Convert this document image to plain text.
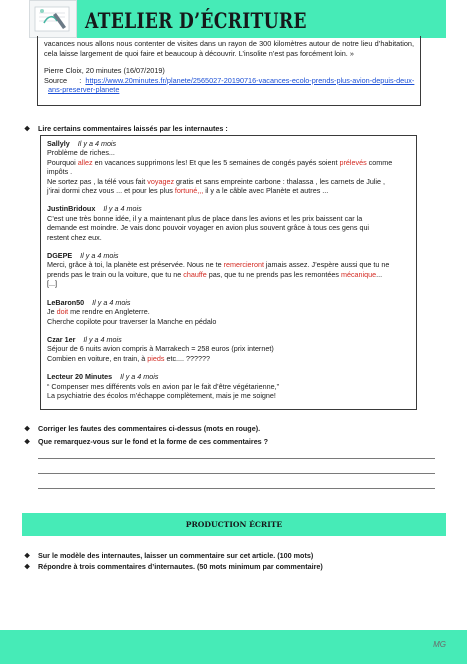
ATELIER D’ÉCRITURE

vacances nous allons nous contenter de visites dans un rayon de 300 kilomètres autour de notre lieu d’habitation, cela laisse largement de quoi faire et beaucoup à découvrir. L’insolite n’est pas forcément loin. »

Pierre Cloix, 20 minutes (16/07/2019)

Source : https://www.20minutes.fr/planete/2565027-20190716-vacances-ecolo-prends-plus-avion-depuis-deux-

ans-preserver-planete
❖ Lire certains commentaires laissés par les internautes :
Sallyly Il y a 4 mois
Problème de riches...
Pourquoi allez en vacances supprimons les! Et que les 5 semaines de congés payés soient prélevés comme
impôts .
Ne sortez pas , la télé vous fait voyagez gratis et sans empreinte carbone : thalassa , les carnets de Julie ,
j’irai dormi chez vous ... et pour les plus fortuné,,, il y a le câble avec Planète et autres ...
JustinBridoux Il y a 4 mois
C’est une très bonne idée, il y a maintenant plus de place dans les avions et les prix baissent car la
demande est moindre. Je vais donc pouvoir voyager en avion plus souvent grâce à tous ces gens qui
restent chez eux.
DGEPE Il y a 4 mois
Merci, grâce à toi, la planète est préservée. Nous ne te remercieront jamais assez. J’espère aussi que tu ne
prends pas le train ou la voiture, que tu ne chauffe pas, que tu ne prends pas les remontées mécanique...
[...]
LeBaron50 Il y a 4 mois
Je doit me rendre en Angleterre.
Cherche copilote pour traverser la Manche en pédalo
Czar 1er Il y a 4 mois
Séjour de 6 nuits avion compris à Marrakech = 258 euros (prix internet)
Combien en voiture, en train, à pieds etc.... ??????
Lecteur 20 Minutes Il y a 4 mois
“ Compenser mes différents vols en avion par le fait d’être végétarienne,”
La psychiatrie des écolos m’échappe complètement, mais je me soigne!
❖ Corriger les fautes des commentaires ci-dessus (mots en rouge).
❖ Que remarquez-vous sur le fond et la forme de ces commentaires ?
PRODUCTION ÉCRITE
❖ Sur le modèle des internautes, laisser un commentaire sur cet article. (100 mots)
❖ Répondre à trois commentaires d’internautes. (50 mots minimum par commentaire)
MG
